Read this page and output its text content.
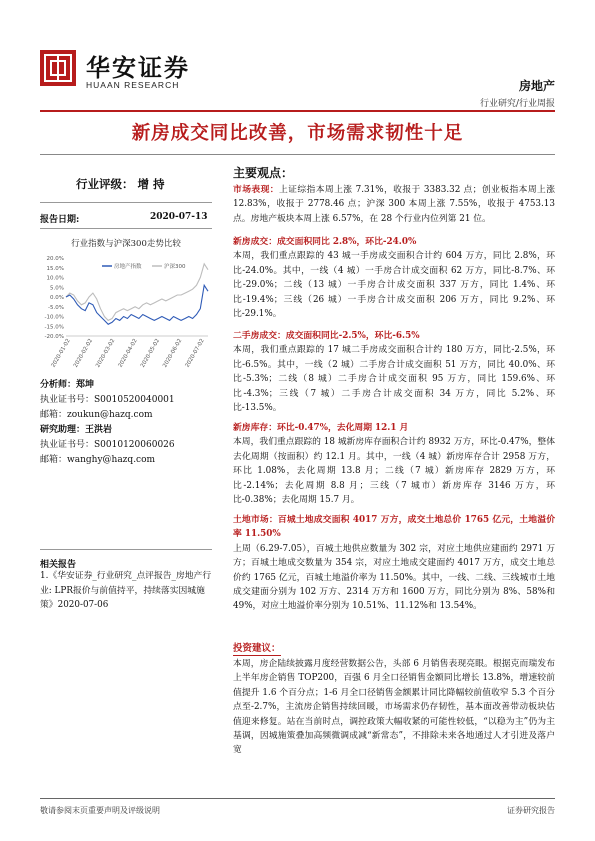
华安证券
HUAAN RESEARCH	房地产
行业研究/行业周报
新房成交同比改善，市场需求韧性十足
行业评级： 增 持
报告日期:	2020-07-13
行业指数与沪深300走势比较
20.0%
15.0%
10.0%
5.0%
0.0%
-5.0%
-10.0%
-15.0%
-20.0%
2020-01-02 2020-02-02 2020-03-02 2020-04-02 2020-05-02 2020-06-02 2020-07-02
房地产指数	沪深300
分析师：郑坤
执业证书号：S0010520040001
邮箱：zoukun@hazq.com
研究助理：王洪岩
执业证书号：S0010120060026
邮箱：wanghy@hazq.com
相关报告
1.《华安证券_行业研究_点评报告_房地产行业: LPR报价与前值持平，持续落实因城施策》2020-07-06
主要观点：
市场表现：上证综指本周上涨 7.31%，收报于 3383.32 点；创业板指本周上涨 12.83%，收报于 2778.46 点；沪深 300 本周上涨 7.55%，收报于 4753.13 点。房地产板块本周上涨 6.57%，在 28 个行业内位列第 21 位。
新房成交：成交面积同比 2.8%，环比-24.0%
本周，我们重点跟踪的 43 城一手房成交面积合计约 604 万方，同比 2.8%，环比-24.0%。其中，一线（4 城）一手房合计成交面积 62 万方，同比-8.7%、环比-29.0%；二线（13 城）一手房合计成交面积 337 万方，同比 1.4%、环比-19.4%；三线（26 城）一手房合计成交面积 206 万方，同比 9.2%、环比-29.1%。
二手房成交：成交面积同比-2.5%，环比-6.5%
本周，我们重点跟踪的 17 城二手房成交面积合计约 180 万方，同比-2.5%，环比-6.5%。其中，一线（2 城）二手房合计成交面积 51 万方，同比 40.0%、环比-5.3%；二线（8 城）二手房合计成交面积 95 万方，同比 159.6%、环比-4.3%；三线（7 城）二手房合计成交面积 34 万方，同比 5.2%、环比-13.5%。
新房库存：环比-0.47%，去化周期 12.1 月
本周，我们重点跟踪的 18 城新房库存面积合计约 8932 万方，环比-0.47%，整体去化周期（按面积）约 12.1 月。其中，一线（4 城）新房库存合计 2958 万方，环比 1.08%，去化周期 13.8 月；二线（7 城）新房库存 2829 万方，环比-2.14%；去化周期 8.8 月；三线（7 城市）新房库存 3146 万方，环比-0.38%；去化周期 15.7 月。
土地市场：百城土地成交面积 4017 万方，成交土地总价 1765 亿元，土地溢价率 11.50%
上周（6.29-7.05），百城土地供应数量为 302 宗，对应土地供应建面约 2971 万方；百城土地成交数量为 354 宗，对应土地成交建面约 4017 万方，成交土地总价约 1765 亿元，百城土地溢价率为 11.50%。其中，一线、二线、三线城市土地成交建面分别为 102 万方、2314 万方和 1600 万方，同比分别为 8%、58%和 49%，对应土地溢价率分别为 10.51%、11.12%和 13.54%。
投资建议：
本周，房企陆续披露月度经营数据公告，头部 6 月销售表现亮眼。根据克而瑞发布上半年房企销售 TOP200，百强 6 月全口径销售金额同比增长 13.8%，增速较前值提升 1.6 个百分点；1-6 月全口径销售金额累计同比降幅较前值收窄 5.3 个百分点至-2.7%，主流房企销售持续回暖，市场需求仍存韧性，基本面改善带动板块估值迎来修复。站在当前时点，调控政策大幅收紧的可能性较低，“以稳为主”仍为主基调，因城施策叠加高频微调成减“新常态”，不排除未来各地通过人才引进及落户宽
敬请参阅末页重要声明及评级说明	证券研究报告
